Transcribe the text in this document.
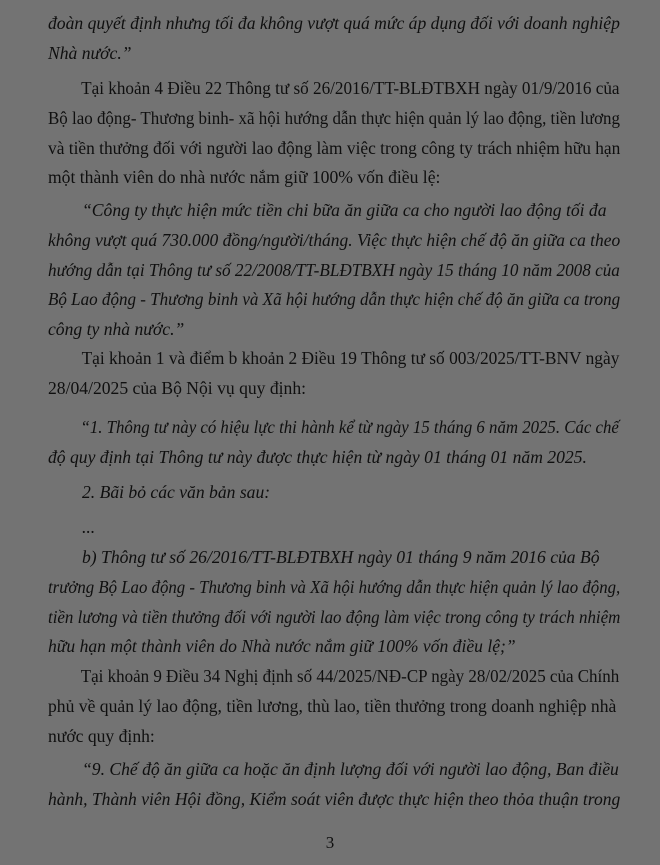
đoàn quyết định nhưng tối đa không vượt quá mức áp dụng đối với doanh nghiệp
Nhà nước.”

Tại khoản 4 Điều 22 Thông tư số 26/2016/TT-BLĐTBXH ngày 01/9/2016 của
Bộ lao động- Thương binh- xã hội hướng dẫn thực hiện quản lý lao động, tiền lương
và tiền thưởng đối với người lao động làm việc trong công ty trách nhiệm hữu hạn
một thành viên do nhà nước nắm giữ 100% vốn điều lệ:

“Công ty thực hiện mức tiền chi bữa ăn giữa ca cho người lao động tối đa
không vượt quá 730.000 đồng/người/tháng. Việc thực hiện chế độ ăn giữa ca theo
hướng dẫn tại Thông tư số 22/2008/TT-BLĐTBXH ngày 15 tháng 10 năm 2008 của
Bộ Lao động - Thương binh và Xã hội hướng dẫn thực hiện chế độ ăn giữa ca trong
công ty nhà nước.”

Tại khoản 1 và điểm b khoản 2 Điều 19 Thông tư số 003/2025/TT-BNV ngày
28/04/2025 của Bộ Nội vụ quy định:

“1. Thông tư này có hiệu lực thi hành kể từ ngày 15 tháng 6 năm 2025. Các chế
độ quy định tại Thông tư này được thực hiện từ ngày 01 tháng 01 năm 2025.

2. Bãi bỏ các văn bản sau:

...

b) Thông tư số 26/2016/TT-BLĐTBXH ngày 01 tháng 9 năm 2016 của Bộ
trưởng Bộ Lao động - Thương binh và Xã hội hướng dẫn thực hiện quản lý lao động,
tiền lương và tiền thưởng đối với người lao động làm việc trong công ty trách nhiệm
hữu hạn một thành viên do Nhà nước nắm giữ 100% vốn điều lệ;”

Tại khoản 9 Điều 34 Nghị định số 44/2025/NĐ-CP ngày 28/02/2025 của Chính
phủ về quản lý lao động, tiền lương, thù lao, tiền thưởng trong doanh nghiệp nhà
nước quy định:

“9. Chế độ ăn giữa ca hoặc ăn định lượng đối với người lao động, Ban điều
hành, Thành viên Hội đồng, Kiểm soát viên được thực hiện theo thỏa thuận trong

3
